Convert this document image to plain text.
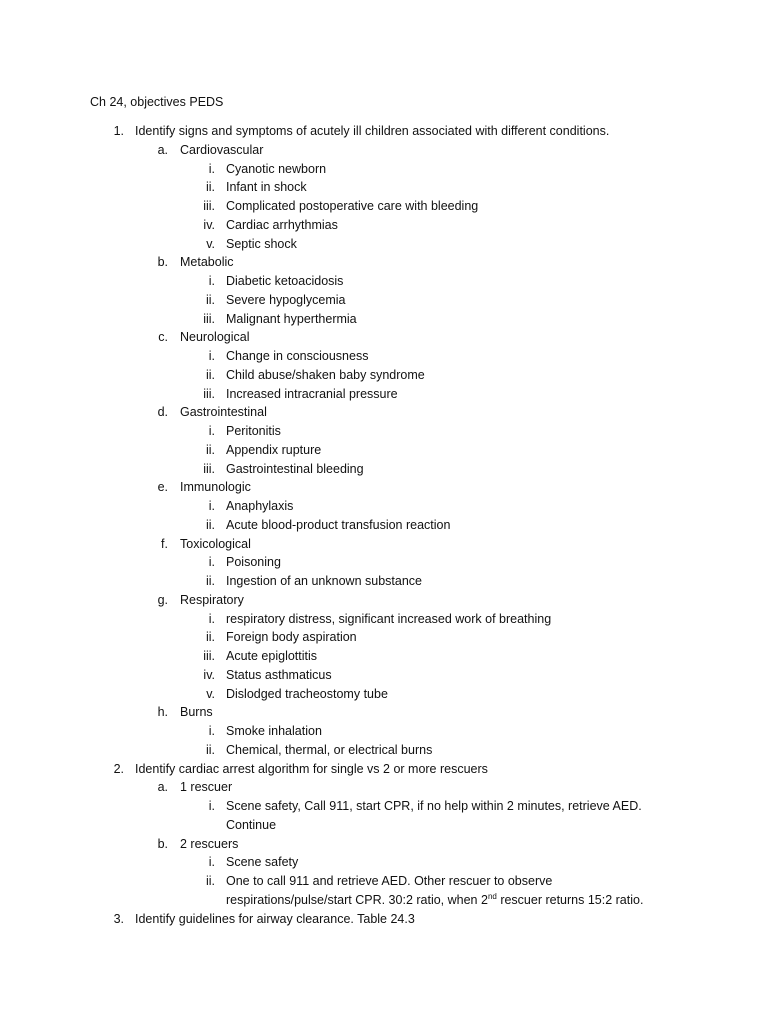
Ch 24, objectives PEDS
1. Identify signs and symptoms of acutely ill children associated with different conditions.
a. Cardiovascular
i. Cyanotic newborn
ii. Infant in shock
iii. Complicated postoperative care with bleeding
iv. Cardiac arrhythmias
v. Septic shock
b. Metabolic
i. Diabetic ketoacidosis
ii. Severe hypoglycemia
iii. Malignant hyperthermia
c. Neurological
i. Change in consciousness
ii. Child abuse/shaken baby syndrome
iii. Increased intracranial pressure
d. Gastrointestinal
i. Peritonitis
ii. Appendix rupture
iii. Gastrointestinal bleeding
e. Immunologic
i. Anaphylaxis
ii. Acute blood-product transfusion reaction
f. Toxicological
i. Poisoning
ii. Ingestion of an unknown substance
g. Respiratory
i. respiratory distress, significant increased work of breathing
ii. Foreign body aspiration
iii. Acute epiglottitis
iv. Status asthmaticus
v. Dislodged tracheostomy tube
h. Burns
i. Smoke inhalation
ii. Chemical, thermal, or electrical burns
2. Identify cardiac arrest algorithm for single vs 2 or more rescuers
a. 1 rescuer
i. Scene safety, Call 911, start CPR, if no help within 2 minutes, retrieve AED.
Continue
b. 2 rescuers
i. Scene safety
ii. One to call 911 and retrieve AED. Other rescuer to observe
respirations/pulse/start CPR. 30:2 ratio, when 2nd rescuer returns 15:2 ratio.
3. Identify guidelines for airway clearance. Table 24.3
